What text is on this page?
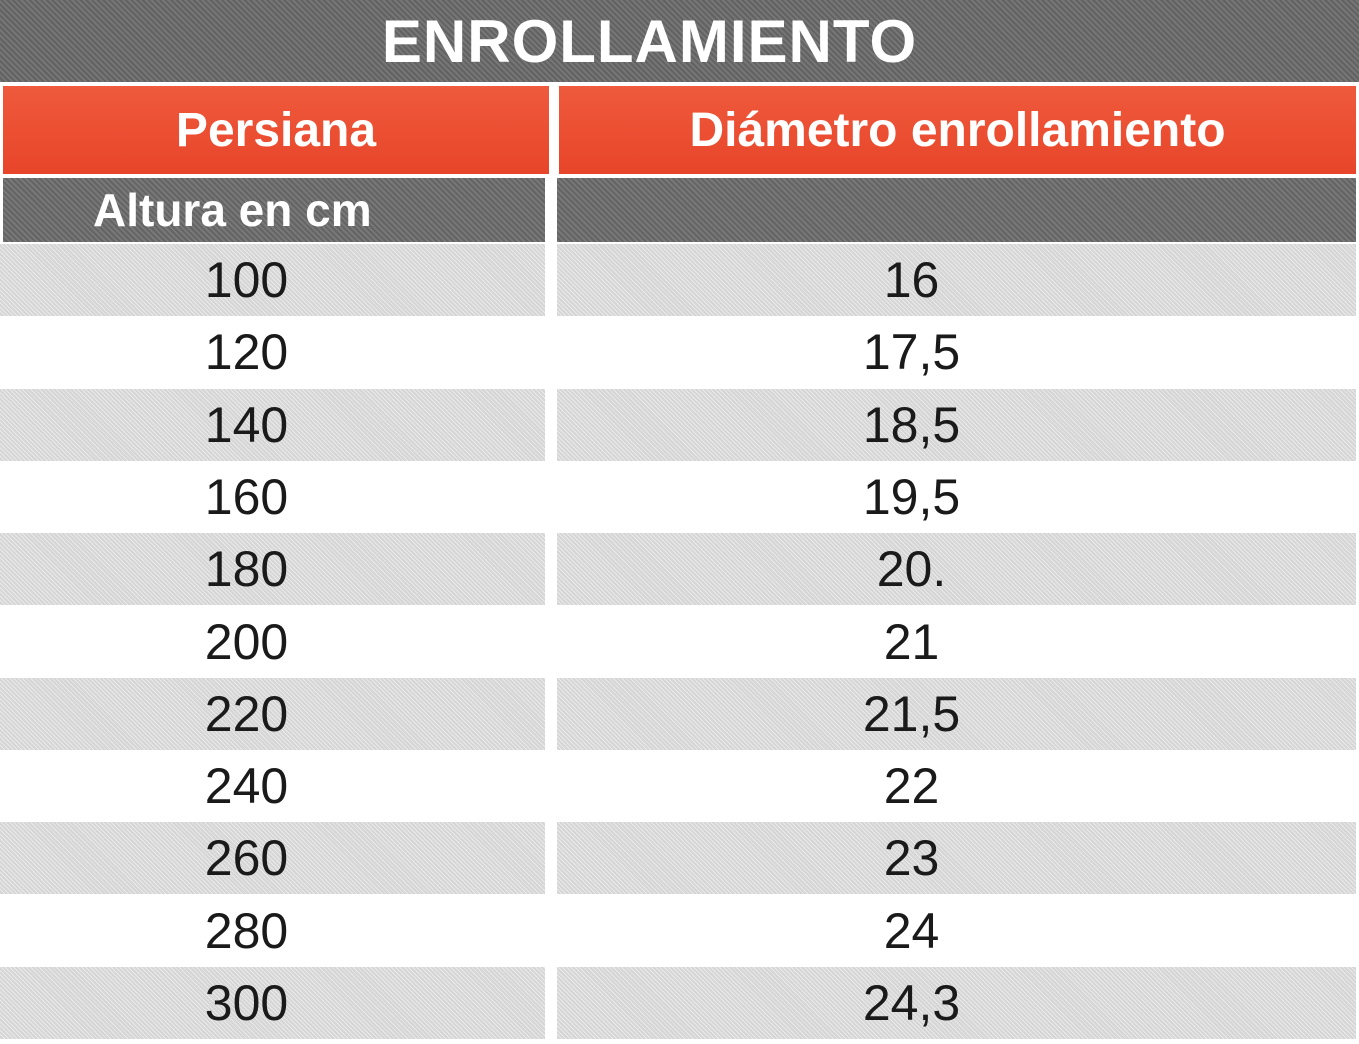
ENROLLAMIENTO
Persiana	Diámetro enrollamiento
Altura en cm
100	16
120	17,5
140	18,5
160	19,5
180	20.
200	21
220	21,5
240	22
260	23
280	24
300	24,3
